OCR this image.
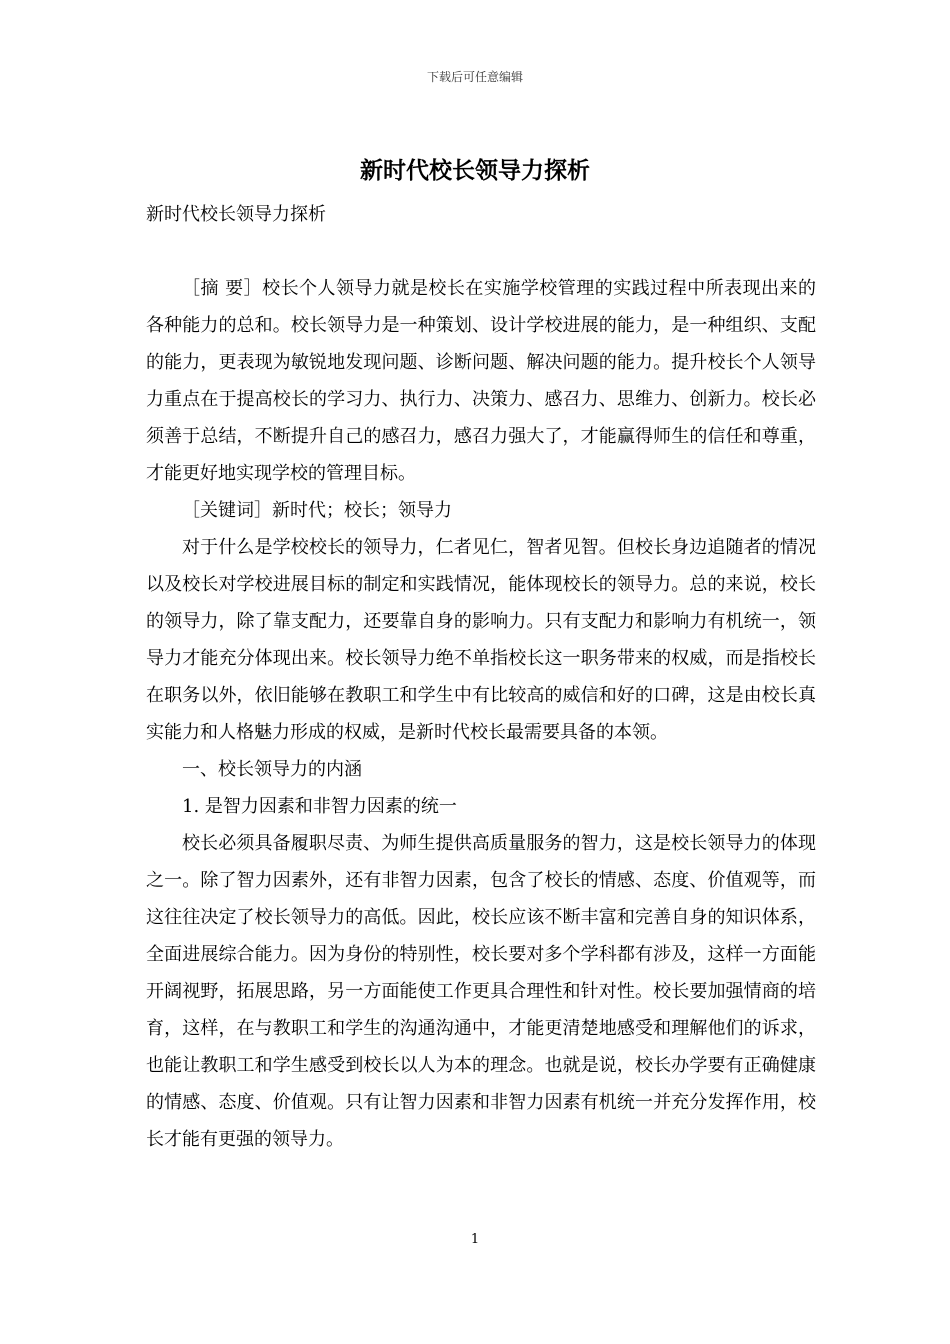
下载后可任意编辑
新时代校长领导力探析
新时代校长领导力探析

［摘 要］校长个人领导力就是校长在实施学校管理的实践过程中所表现出来的各种能力的总和。校长领导力是一种策划、设计学校进展的能力，是一种组织、支配的能力，更表现为敏锐地发现问题、诊断问题、解决问题的能力。提升校长个人领导力重点在于提高校长的学习力、执行力、决策力、感召力、思维力、创新力。校长必须善于总结，不断提升自己的感召力，感召力强大了，才能赢得师生的信任和尊重，才能更好地实现学校的管理目标。

［关键词］新时代；校长；领导力

对于什么是学校校长的领导力，仁者见仁，智者见智。但校长身边追随者的情况以及校长对学校进展目标的制定和实践情况，能体现校长的领导力。总的来说，校长的领导力，除了靠支配力，还要靠自身的影响力。只有支配力和影响力有机统一，领导力才能充分体现出来。校长领导力绝不单指校长这一职务带来的权威，而是指校长在职务以外，依旧能够在教职工和学生中有比较高的威信和好的口碑，这是由校长真实能力和人格魅力形成的权威，是新时代校长最需要具备的本领。

一、校长领导力的内涵

1. 是智力因素和非智力因素的统一

校长必须具备履职尽责、为师生提供高质量服务的智力，这是校长领导力的体现之一。除了智力因素外，还有非智力因素，包含了校长的情感、态度、价值观等，而这往往决定了校长领导力的高低。因此，校长应该不断丰富和完善自身的知识体系，全面进展综合能力。因为身份的特别性，校长要对多个学科都有涉及，这样一方面能开阔视野，拓展思路，另一方面能使工作更具合理性和针对性。校长要加强情商的培育，这样，在与教职工和学生的沟通沟通中，才能更清楚地感受和理解他们的诉求，也能让教职工和学生感受到校长以人为本的理念。也就是说，校长办学要有正确健康的情感、态度、价值观。只有让智力因素和非智力因素有机统一并充分发挥作用，校长才能有更强的领导力。

1
